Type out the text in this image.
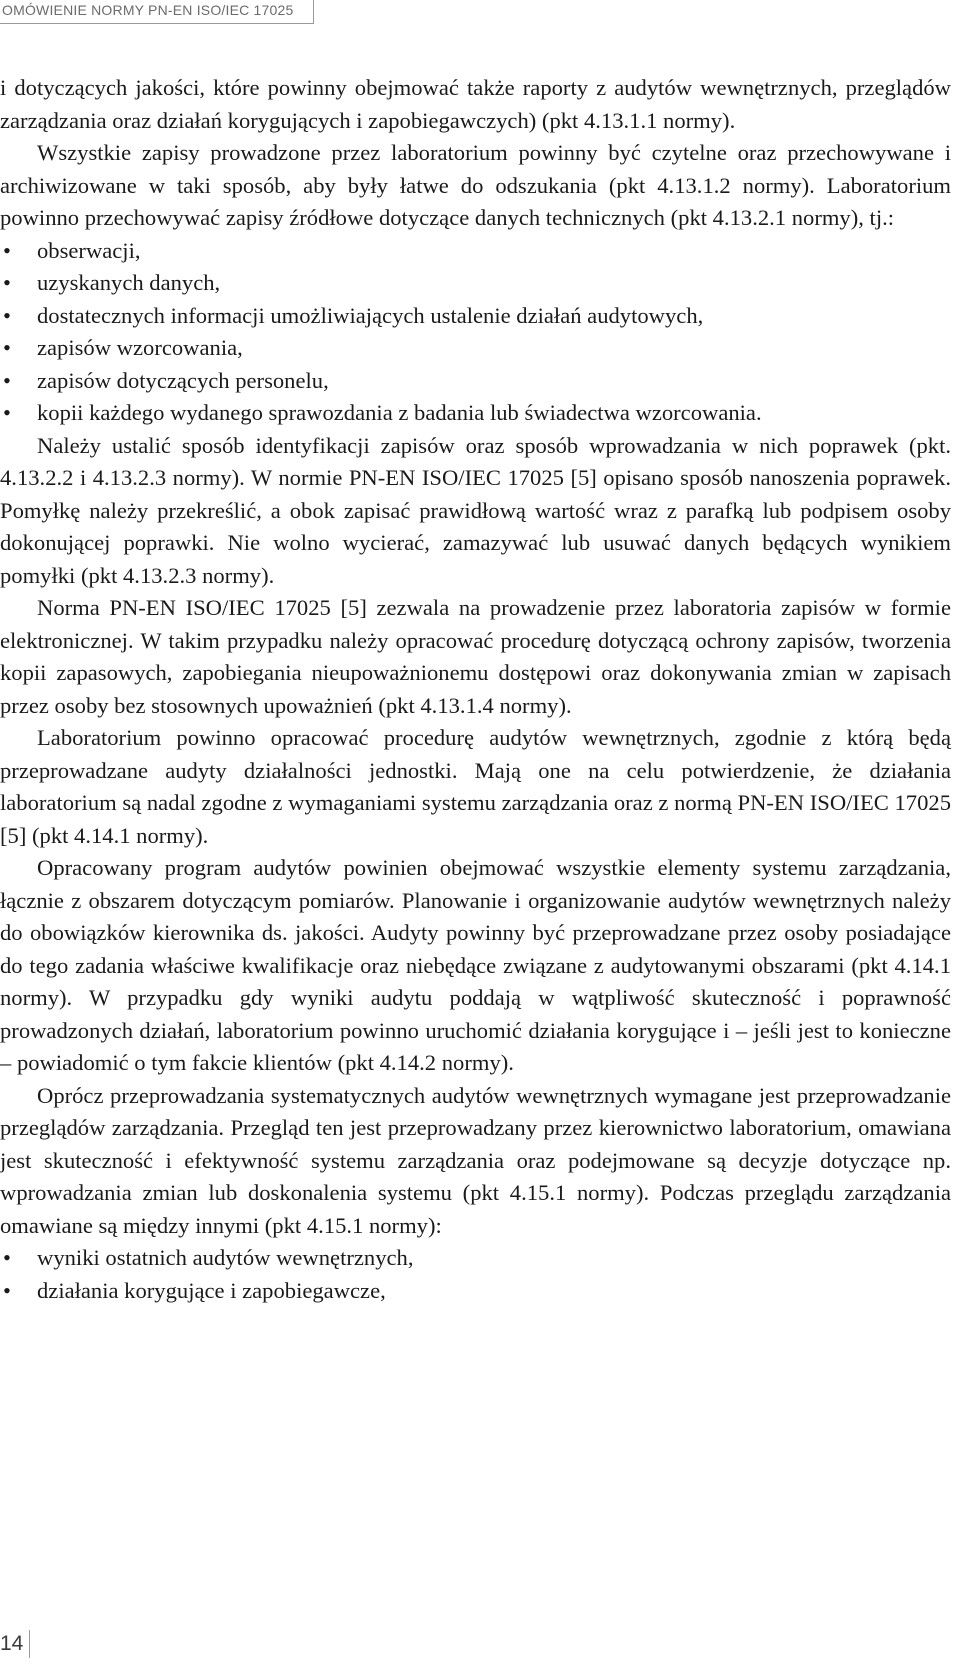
OMÓWIENIE NORMY PN-EN ISO/IEC 17025

i dotyczących jakości, które powinny obejmować także raporty z audytów wewnętrznych, przeglądów zarządzania oraz działań korygujących i zapobiegawczych) (pkt 4.13.1.1 normy).

Wszystkie zapisy prowadzone przez laboratorium powinny być czytelne oraz przechowywane i archiwizowane w taki sposób, aby były łatwe do odszukania (pkt 4.13.1.2 normy). Laboratorium powinno przechowywać zapisy źródłowe dotyczące danych technicznych (pkt 4.13.2.1 normy), tj.:

• obserwacji,
• uzyskanych danych,
• dostatecznych informacji umożliwiających ustalenie działań audytowych,
• zapisów wzorcowania,
• zapisów dotyczących personelu,
• kopii każdego wydanego sprawozdania z badania lub świadectwa wzorcowania.

Należy ustalić sposób identyfikacji zapisów oraz sposób wprowadzania w nich poprawek (pkt. 4.13.2.2 i 4.13.2.3 normy). W normie PN-EN ISO/IEC 17025 [5] opisano sposób nanoszenia poprawek. Pomyłkę należy przekreślić, a obok zapisać prawidłową wartość wraz z parafką lub podpisem osoby dokonującej poprawki. Nie wolno wycierać, zamazywać lub usuwać danych będących wynikiem pomyłki (pkt 4.13.2.3 normy).

Norma PN-EN ISO/IEC 17025 [5] zezwala na prowadzenie przez laboratoria zapisów w formie elektronicznej. W takim przypadku należy opracować procedurę dotyczącą ochrony zapisów, tworzenia kopii zapasowych, zapobiegania nieupoważnionemu dostępowi oraz dokonywania zmian w zapisach przez osoby bez stosownych upoważnień (pkt 4.13.1.4 normy).

Laboratorium powinno opracować procedurę audytów wewnętrznych, zgodnie z którą będą przeprowadzane audyty działalności jednostki. Mają one na celu potwierdzenie, że działania laboratorium są nadal zgodne z wymaganiami systemu zarządzania oraz z normą PN-EN ISO/IEC 17025 [5] (pkt 4.14.1 normy).

Opracowany program audytów powinien obejmować wszystkie elementy systemu zarządzania, łącznie z obszarem dotyczącym pomiarów. Planowanie i organizowanie audytów wewnętrznych należy do obowiązków kierownika ds. jakości. Audyty powinny być przeprowadzane przez osoby posiadające do tego zadania właściwe kwalifikacje oraz niebędące związane z audytowanymi obszarami (pkt 4.14.1 normy). W przypadku gdy wyniki audytu poddają w wątpliwość skuteczność i poprawność prowadzonych działań, laboratorium powinno uruchomić działania korygujące i – jeśli jest to konieczne – powiadomić o tym fakcie klientów (pkt 4.14.2 normy).

Oprócz przeprowadzania systematycznych audytów wewnętrznych wymagane jest przeprowadzanie przeglądów zarządzania. Przegląd ten jest przeprowadzany przez kierownictwo laboratorium, omawiana jest skuteczność i efektywność systemu zarządzania oraz podejmowane są decyzje dotyczące np. wprowadzania zmian lub doskonalenia systemu (pkt 4.15.1 normy). Podczas przeglądu zarządzania omawiane są między innymi (pkt 4.15.1 normy):

• wyniki ostatnich audytów wewnętrznych,
• działania korygujące i zapobiegawcze,
14
